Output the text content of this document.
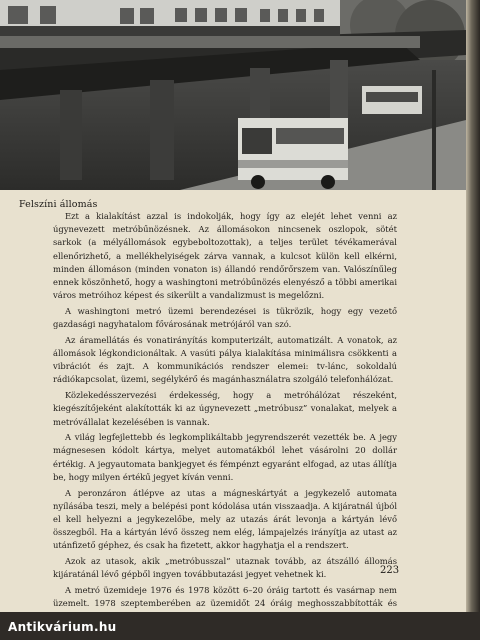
Felszíni állomás

Ezt a kialakítást azzal is indokolják, hogy így az elejét lehet venni az úgynevezett metróbűnözésnek. Az állomásokon nincsenek oszlopok, sötét sarkok (a mélyállomások egybeboltozottak), a teljes terület tévékamerával ellenőrizhető, a mellékhelyiségek zárva vannak, a kulcsot külön kell elkérni, minden állomáson (minden vonaton is) állandó rendőrőrszem van. Valószínűleg ennek köszönhető, hogy a washingtoni metróbűnözés elenyésző a többi amerikai város metróihoz képest és sikerült a vandalizmust is megelőzni.

A washingtoni metró üzemi berendezései is tükrözik, hogy egy vezető gazdasági nagyhatalom fővárosának metrójáról van szó.

Az áramellátás és vonatirányítás komputerizált, automatizált. A vonatok, az állomások légkondicionáltak. A vasúti pálya kialakítása minimálisra csökkenti a vibrációt és zajt. A kommunikációs rendszer elemei: tv-lánc, sokoldalú rádiókapcsolat, üzemi, segélykérő és magánhasználatra szolgáló telefonhálózat.

Közlekedésszervezési érdekesség, hogy a metróhálózat részeként, kiegészítőjeként alakították ki az úgynevezett „metróbusz” vonalakat, melyek a metróvállalat kezelésében is vannak.

A világ legfejlettebb és legkomplikáltabb jegyrendszerét vezették be. A jegy mágnesesen kódolt kártya, melyet automatákból lehet vásárolni 20 dollár értékig. A jegyautomata bankjegyet és fémpénzt egyaránt elfogad, az utas állítja be, hogy milyen értékű jegyet kíván venni.

A peronzáron átlépve az utas a mágneskártyát a jegykezelő automata nyílásába teszi, mely a belépési pont kódolása után visszaadja. A kijáratnál újból el kell helyezni a jegykezelőbe, mely az utazás árát levonja a kártyán lévő összegből. Ha a kártyán lévő összeg nem elég, lámpajelzés irányítja az utast az utánfizető géphez, és csak ha fizetett, akkor hagyhatja el a rendszert.

Azok az utasok, akik „metróbusszal” utaznak tovább, az átszálló állomás kijáratánál lévő gépből ingyen továbbutazási jegyet vehetnek ki.

A metró üzemideje 1976 és 1978 között 6–20 óráig tartott és vasárnap nem üzemelt. 1978 szeptemberében az üzemidőt 24 óráig meghosszabbították és

223
Antikvárium.hu
